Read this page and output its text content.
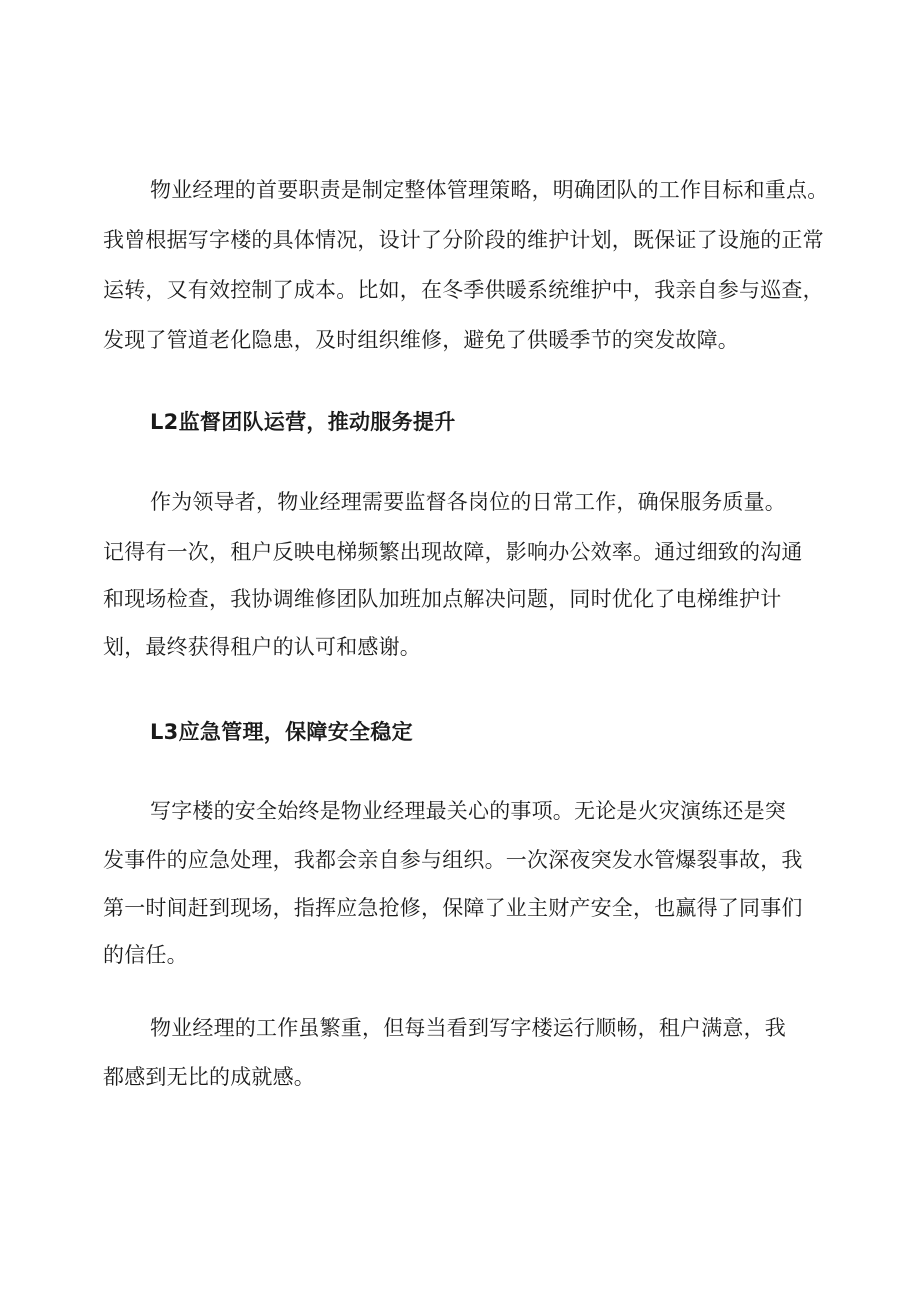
物业经理的首要职责是制定整体管理策略，明确团队的工作目标和重点。
我曾根据写字楼的具体情况，设计了分阶段的维护计划，既保证了设施的正常
运转，又有效控制了成本。比如，在冬季供暖系统维护中，我亲自参与巡查，
发现了管道老化隐患，及时组织维修，避免了供暖季节的突发故障。
L2监督团队运营，推动服务提升
作为领导者，物业经理需要监督各岗位的日常工作，确保服务质量。
记得有一次，租户反映电梯频繁出现故障，影响办公效率。通过细致的沟通
和现场检查，我协调维修团队加班加点解决问题，同时优化了电梯维护计
划，最终获得租户的认可和感谢。
L3应急管理，保障安全稳定
写字楼的安全始终是物业经理最关心的事项。无论是火灾演练还是突
发事件的应急处理，我都会亲自参与组织。一次深夜突发水管爆裂事故，我
第一时间赶到现场，指挥应急抢修，保障了业主财产安全，也赢得了同事们
的信任。
物业经理的工作虽繁重，但每当看到写字楼运行顺畅，租户满意，我
都感到无比的成就感。
